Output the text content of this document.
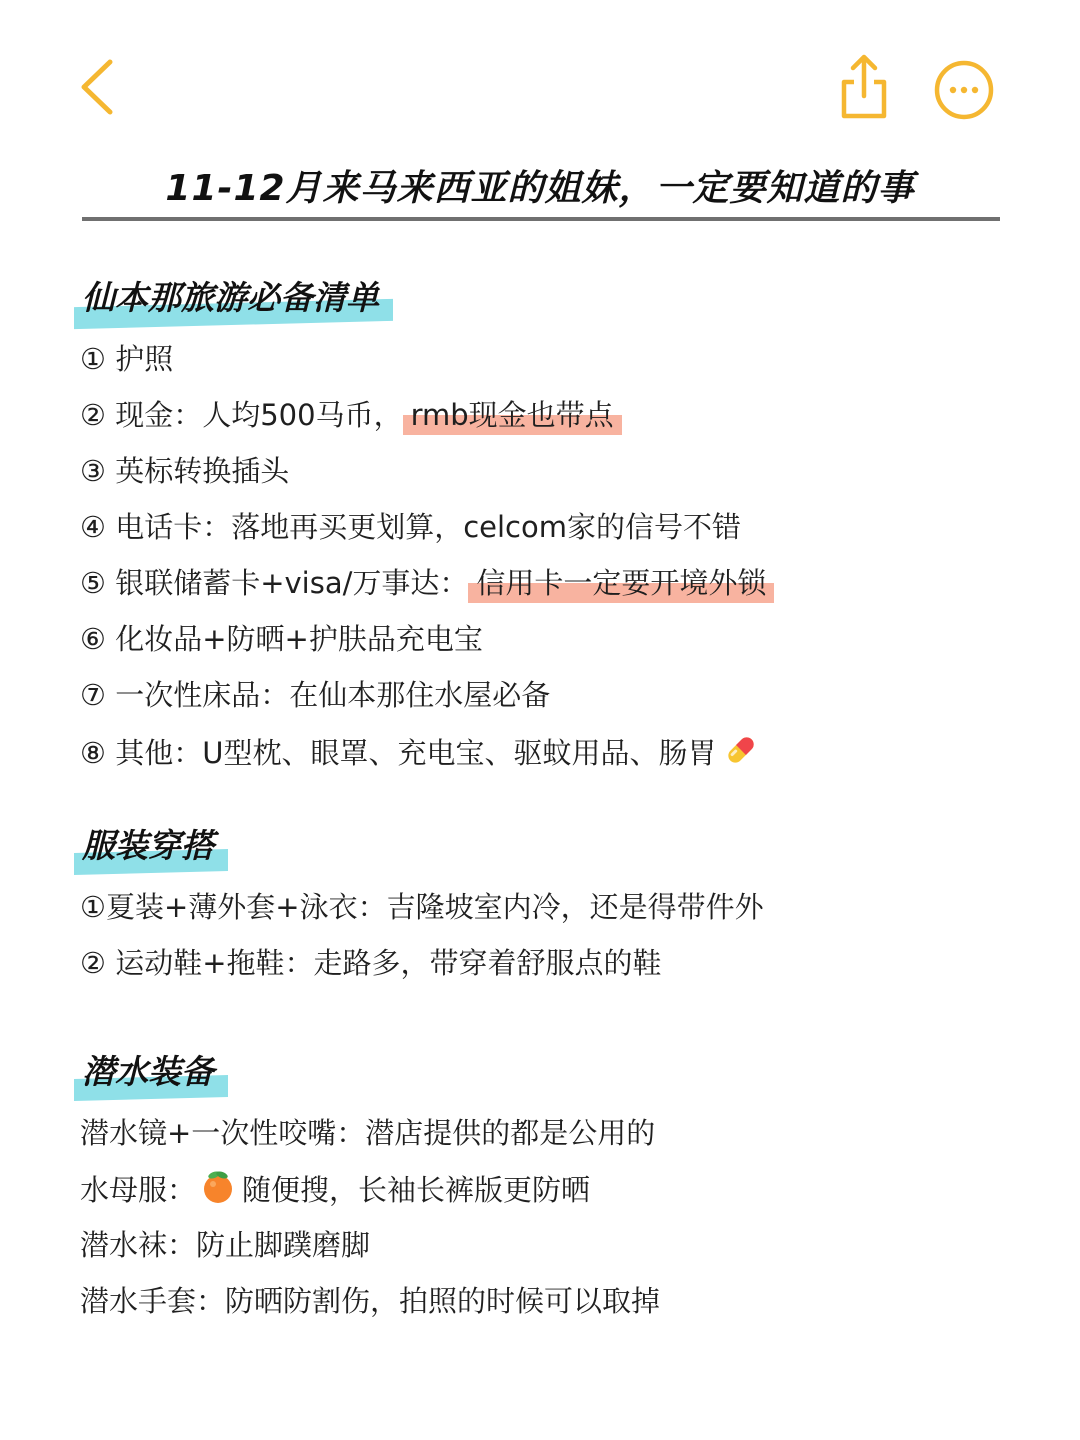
11-12月来马来西亚的姐妹，一定要知道的事
仙本那旅游必备清单
① 护照
② 现金：人均500马币， rmb现金也带点
③ 英标转换插头
④ 电话卡：落地再买更划算，celcom家的信号不错
⑤ 银联储蓄卡+visa/万事达： 信用卡一定要开境外锁
⑥ 化妆品+防晒+护肤品充电宝
⑦ 一次性床品：在仙本那住水屋必备
⑧ 其他：U型枕、眼罩、充电宝、驱蚊用品、肠胃
服装穿搭
①夏装+薄外套+泳衣：吉隆坡室内冷，还是得带件外
② 运动鞋+拖鞋：走路多，带穿着舒服点的鞋
潜水装备
潜水镜+一次性咬嘴：潜店提供的都是公用的
水母服： 随便搜，长袖长裤版更防晒
潜水袜：防止脚蹼磨脚
潜水手套：防晒防割伤，拍照的时候可以取掉
